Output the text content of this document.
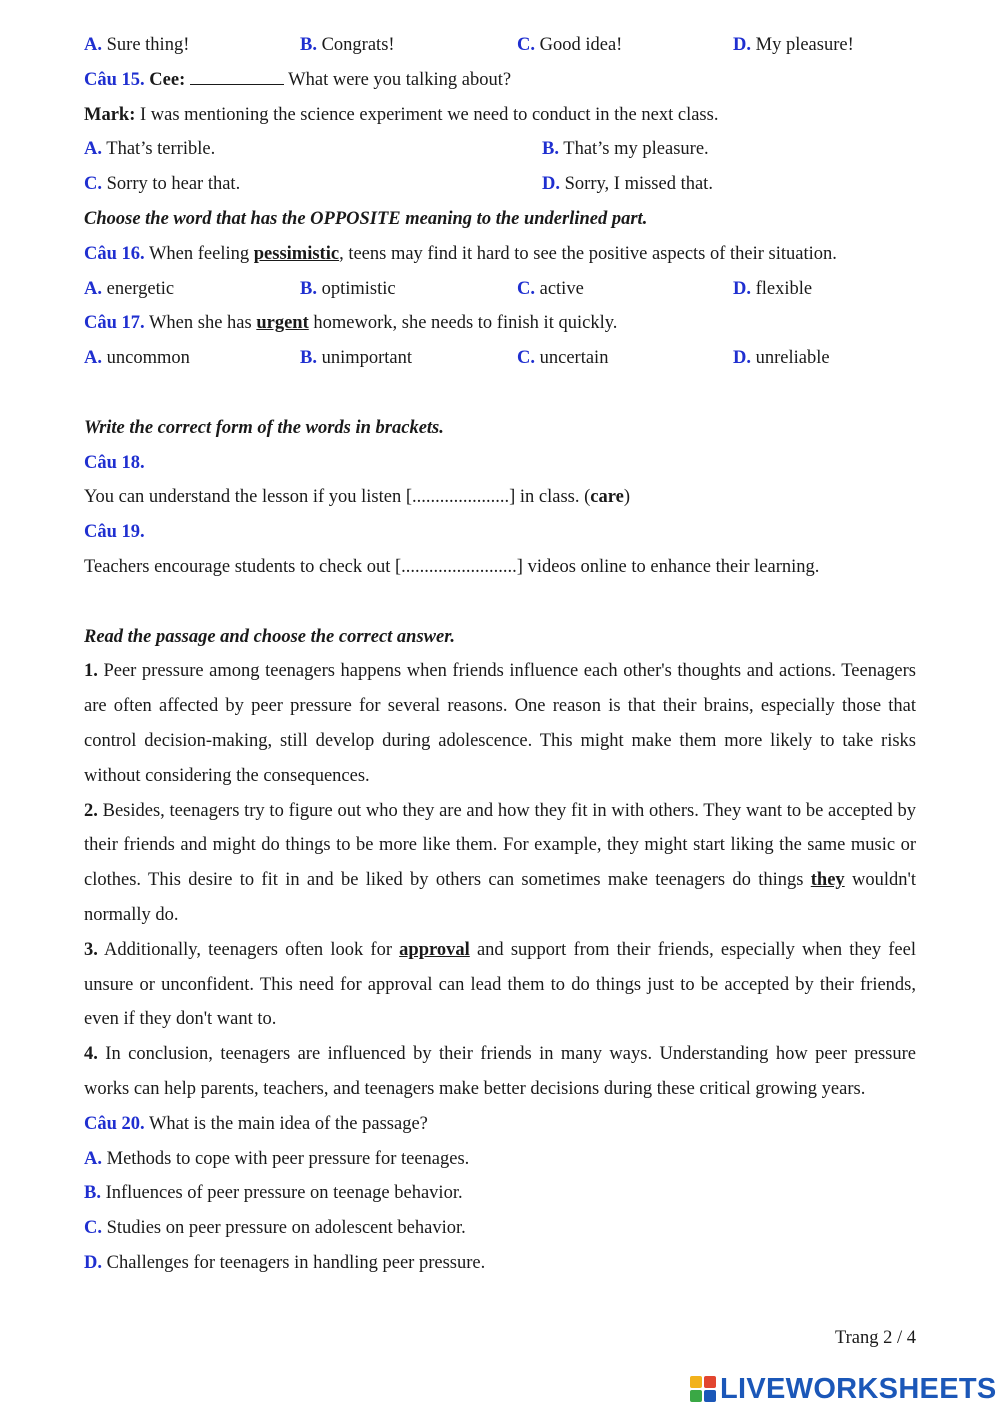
A. Sure thing!	B. Congrats!	C. Good idea!	D. My pleasure!
Câu 15. Cee:	What were you talking about?
Mark: I was mentioning the science experiment we need to conduct in the next class.
A. That’s terrible.	B. That’s my pleasure.
C. Sorry to hear that.	D. Sorry, I missed that.
Choose the word that has the OPPOSITE meaning to the underlined part.
Câu 16. When feeling pessimistic, teens may find it hard to see the positive aspects of their situation.
A. energetic	B. optimistic	C. active	D. flexible
Câu 17. When she has urgent homework, she needs to finish it quickly.
A. uncommon	B. unimportant	C. uncertain	D. unreliable
Write the correct form of the words in brackets.
Câu 18.
You can understand the lesson if you listen [.....................] in class. (care)
Câu 19.
Teachers encourage students to check out [.........................] videos online to enhance their learning.
Read the passage and choose the correct answer.

1. Peer pressure among teenagers happens when friends influence each other's thoughts and actions. Teenagers are often affected by peer pressure for several reasons. One reason is that their brains, especially those that control decision-making, still develop during adolescence. This might make them more likely to take risks without considering the consequences.

2. Besides, teenagers try to figure out who they are and how they fit in with others. They want to be accepted by their friends and might do things to be more like them. For example, they might start liking the same music or clothes. This desire to fit in and be liked by others can sometimes make teenagers do things they wouldn't normally do.

3. Additionally, teenagers often look for approval and support from their friends, especially when they feel unsure or unconfident. This need for approval can lead them to do things just to be accepted by their friends, even if they don't want to.

4. In conclusion, teenagers are influenced by their friends in many ways. Understanding how peer pressure works can help parents, teachers, and teenagers make better decisions during these critical growing years.

Câu 20. What is the main idea of the passage?
A. Methods to cope with peer pressure for teenages.
B. Influences of peer pressure on teenage behavior.
C. Studies on peer pressure on adolescent behavior.
D. Challenges for teenagers in handling peer pressure.
Trang 2 / 4
LIVEWORKSHEETS
